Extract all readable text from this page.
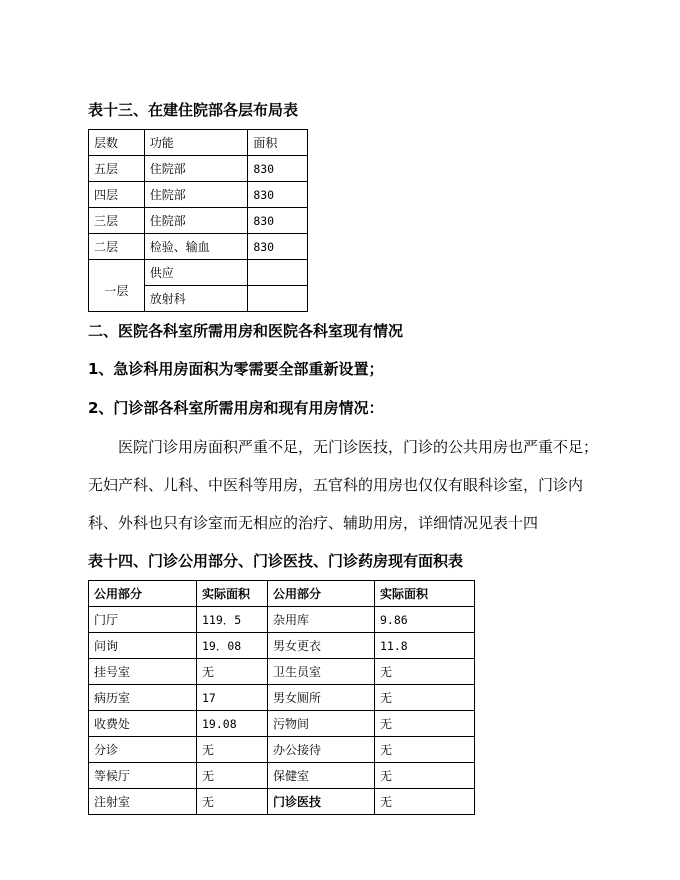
表十三、在建住院部各层布局表
层数	功能	面积
五层	住院部	830
四层	住院部	830
三层	住院部	830
二层	检验、输血	830
一层	供应	
	放射科	
二、医院各科室所需用房和医院各科室现有情况
1、急诊科用房面积为零需要全部重新设置；
2、门诊部各科室所需用房和现有用房情况：
医院门诊用房面积严重不足，无门诊医技，门诊的公共用房也严重不足；
无妇产科、儿科、中医科等用房，五官科的用房也仅仅有眼科诊室，门诊内
科、外科也只有诊室而无相应的治疗、辅助用房，详细情况见表十四
表十四、门诊公用部分、门诊医技、门诊药房现有面积表
公用部分	实际面积	公用部分	实际面积
门厅	119．5	杂用库	9.86
问询	19．08	男女更衣	11.8
挂号室	无	卫生员室	无
病历室	17	男女厕所	无
收费处	19.08	污物间	无
分诊	无	办公接待	无
等候厅	无	保健室	无
注射室	无	门诊医技	无
